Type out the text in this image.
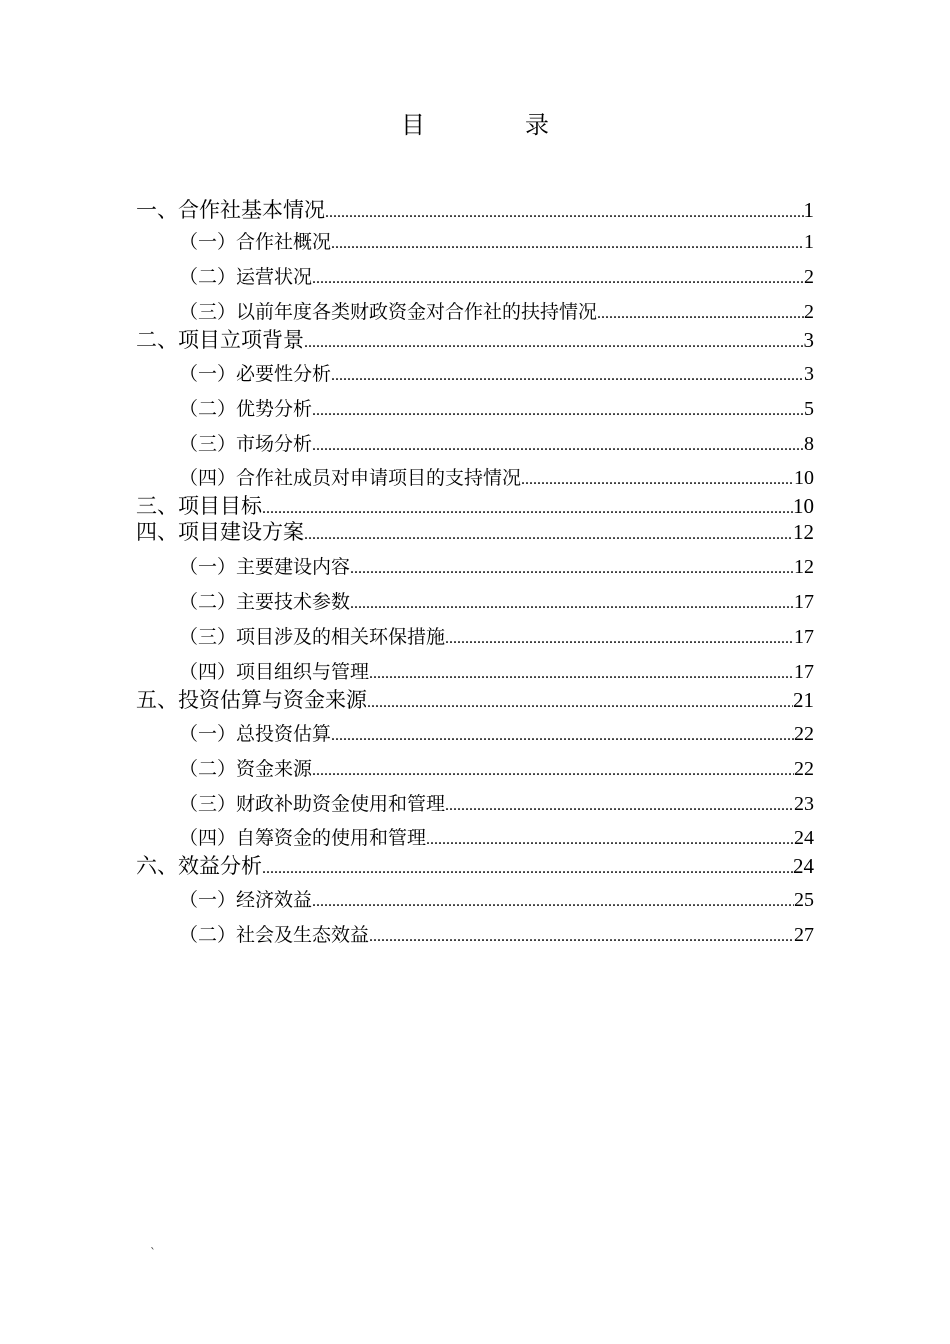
目	录
一、合作社基本情况 .....	1
（一）合作社概况 .....	1
（二）运营状况 .....	2
（三）以前年度各类财政资金对合作社的扶持情况 .....	2
二、项目立项背景 .....	3
（一）必要性分析 .....	3
（二）优势分析 .....	5
（三）市场分析 .....	8
（四）合作社成员对申请项目的支持情况 .....	10
三、项目目标 .....	10
四、项目建设方案 .....	12
（一）主要建设内容 .....	12
（二）主要技术参数 .....	17
（三）项目涉及的相关环保措施 .....	17
（四）项目组织与管理 .....	17
五、投资估算与资金来源 .....	21
（一）总投资估算 .....	22
（二）资金来源 .....	22
（三）财政补助资金使用和管理 .....	23
（四）自筹资金的使用和管理 .....	24
六、效益分析 .....	24
（一）经济效益 .....	25
（二）社会及生态效益 .....	27
`
